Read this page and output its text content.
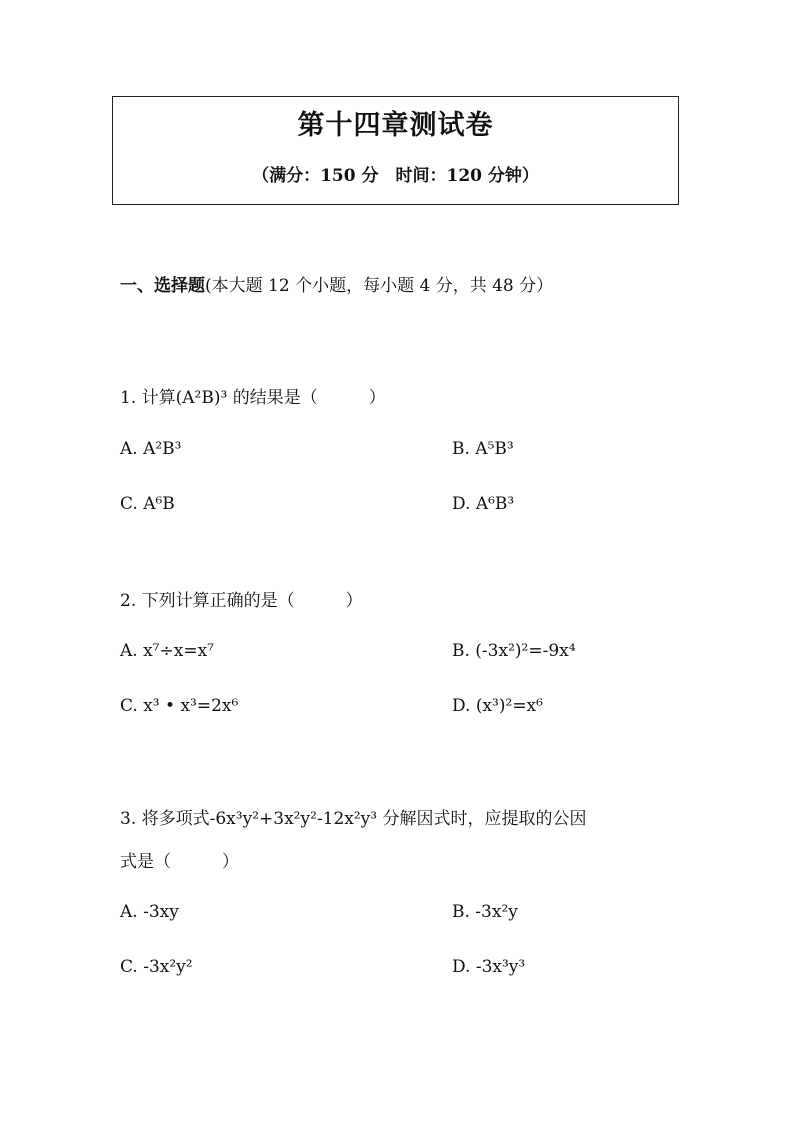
第十四章测试卷
（满分：150 分　时间：120 分钟）
一、选择题(本大题 12 个小题，每小题 4 分，共 48 分）
1. 计算(A²B)³ 的结果是（　　　）
A. A²B³	B. A⁵B³
C. A⁶B	D. A⁶B³
2. 下列计算正确的是（　　　）
A. x⁷÷x=x⁷	B. (-3x²)²=-9x⁴
C. x³ • x³=2x⁶	D. (x³)²=x⁶
3. 将多项式-6x³y²+3x²y²-12x²y³ 分解因式时，应提取的公因
式是（　　　）
A. -3xy	B. -3x²y
C. -3x²y²	D. -3x³y³
